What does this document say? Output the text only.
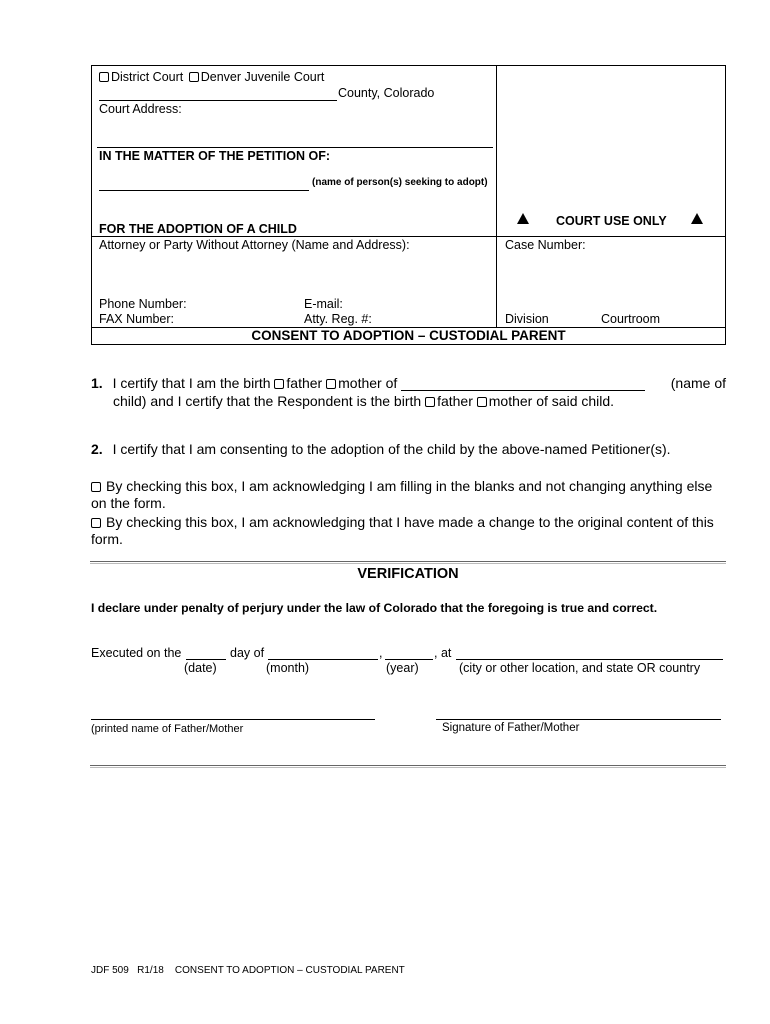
District Court Denver Juvenile Court
County, Colorado
Court Address:
IN THE MATTER OF THE PETITION OF:
(name of person(s) seeking to adopt)
FOR THE ADOPTION OF A CHILD
COURT USE ONLY
Attorney or Party Without Attorney (Name and Address):	Case Number:
Phone Number:	E-mail:
FAX Number:	Atty. Reg. #:	Division	Courtroom
CONSENT TO ADOPTION – CUSTODIAL PARENT
1. I certify that I am the birth father mother of	(name of
child) and I certify that the Respondent is the birth father mother of said child.
2. I certify that I am consenting to the adoption of the child by the above-named Petitioner(s).
By checking this box, I am acknowledging I am filling in the blanks and not changing anything else
on the form.
By checking this box, I am acknowledging that I have made a change to the original content of this
form.
VERIFICATION
I declare under penalty of perjury under the law of Colorado that the foregoing is true and correct.
Executed on the	day of	,	, at
(date)	(month)	(year)	(city or other location, and state OR country
(printed name of Father/Mother	Signature of Father/Mother
JDF 509   R1/18    CONSENT TO ADOPTION – CUSTODIAL PARENT
